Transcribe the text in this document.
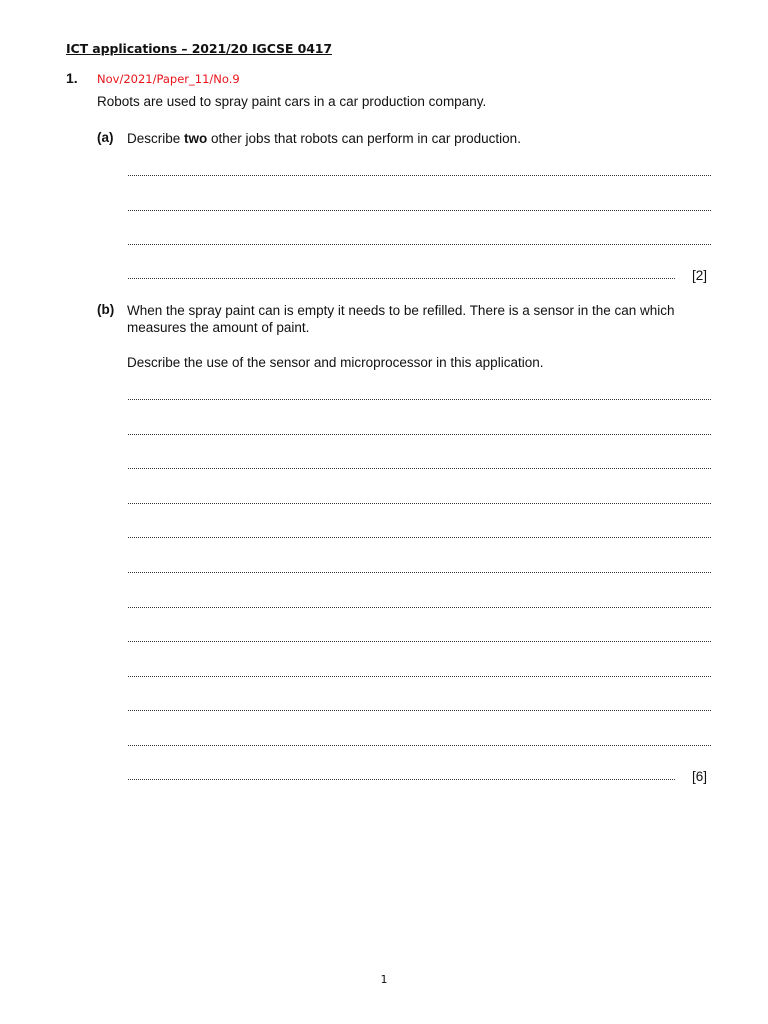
ICT applications – 2021/20 IGCSE 0417
1. Nov/2021/Paper_11/No.9
Robots are used to spray paint cars in a car production company.
(a) Describe two other jobs that robots can perform in car production.
[2]
(b) When the spray paint can is empty it needs to be refilled. There is a sensor in the can which measures the amount of paint.
Describe the use of the sensor and microprocessor in this application.
[6]
1
